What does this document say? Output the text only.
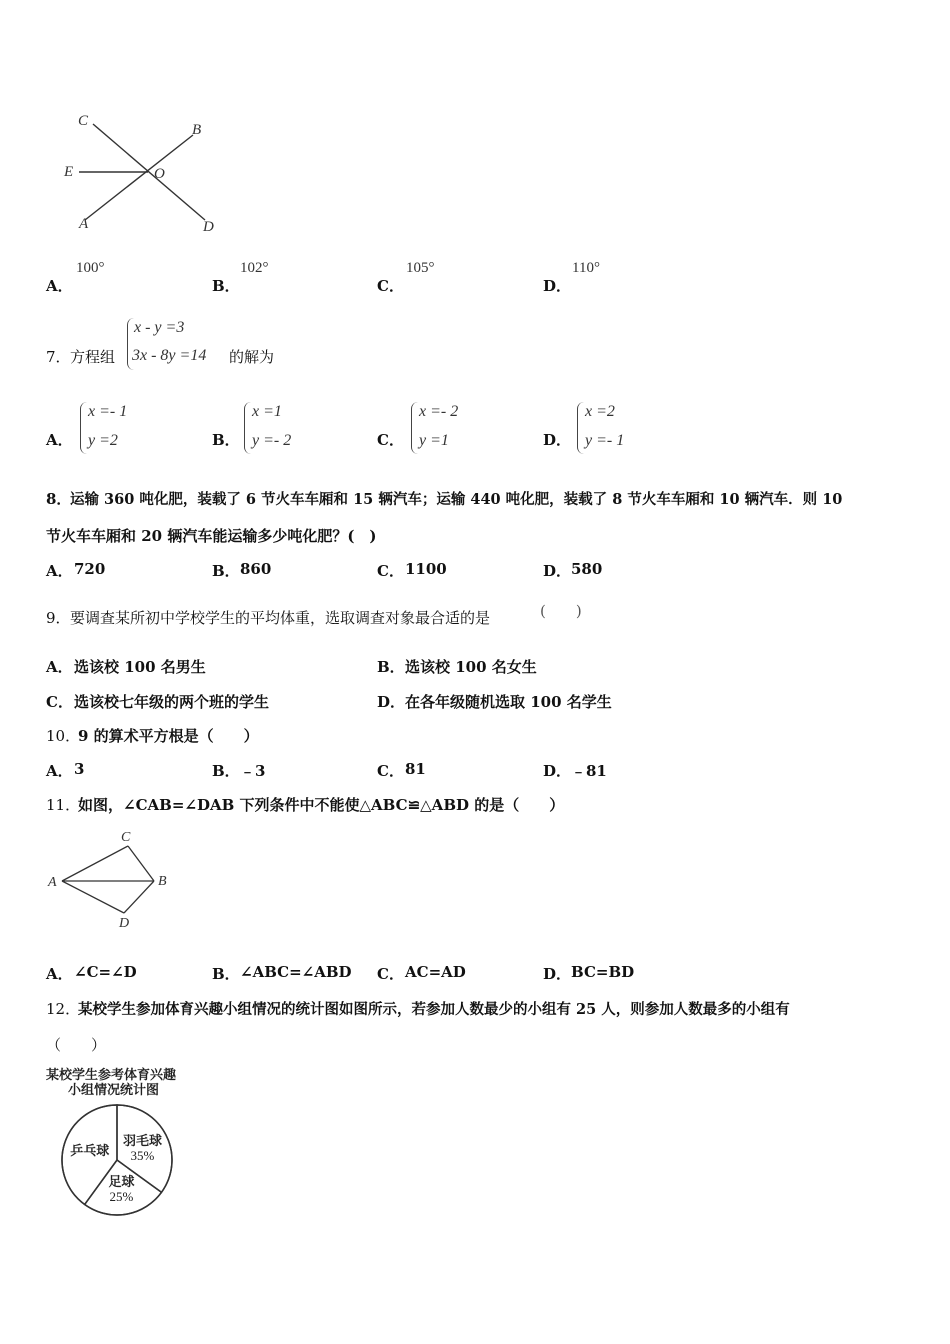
C
B
E	O
A	D
A．
100°
B．
102°
C．
105°
D．
110°
7． 方程组
x - y =3
3x - 8y =14 的解为
A．
x =- 1
y =2	B．
x =1
y =- 2	C．
x =- 2
y =1	D．
x =2
y =- 1
8．
运输 360 吨化肥，装载了 6 节火车车厢和 15 辆汽车；运输 440 吨化肥，装载了 8 节火车车厢和 10 辆汽车．则 10
节火车车厢和 20 辆汽车能运输多少吨化肥？(　)
A． 720	B． 860	C． 1100	D． 580
9． 要调查某所初中学校学生的平均体重，选取调查对象最合适的是	(　　)
A． 选该校 100 名男生	B． 选该校 100 名女生
C． 选该校七年级的两个班的学生	D． 在各年级随机选取 100 名学生
10．
9 的算术平方根是（　　）
A． 3	B． ﹣3	C． 81	D． ﹣81
11．
如图，∠CAB=∠DAB 下列条件中不能使△ABC≌△ABD 的是（　　）
C
A	B
D
A． ∠C=∠D	B． ∠ABC=∠ABD C． AC=AD	D． BC=BD
12．
某校学生参加体育兴趣小组情况的统计图如图所示，若参加人数最少的小组有 25 人，则参加人数最多的小组有
（　　）
某校学生参考体育兴趣
小组情况统计图
乒乓球
羽毛球
35%
足球
25%
